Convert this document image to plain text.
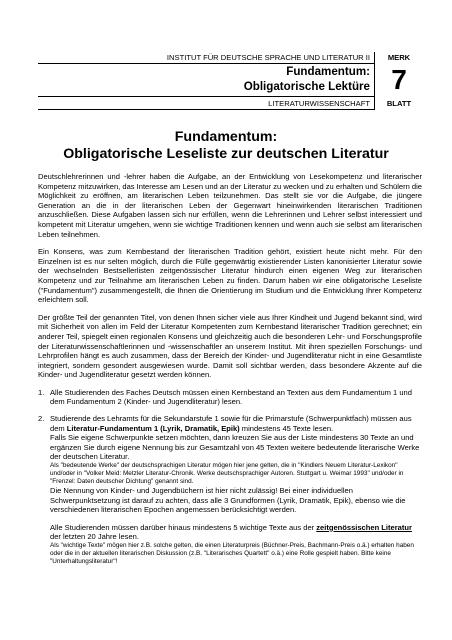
INSTITUT FÜR DEUTSCHE SPRACHE UND LITERATUR II
Fundamentum:
Obligatorische Lektüre
LITERATURWISSENSCHAFT
MERK
7
BLATT
Fundamentum:
Obligatorische Leseliste zur deutschen Literatur

Deutschlehrerinnen und -lehrer haben die Aufgabe, an der Entwicklung von Lesekompetenz und literarischer Kompetenz mitzuwirken, das Interesse am Lesen und an der Literatur zu wecken und zu erhalten und Schülern die Möglichkeit zu eröffnen, am literarischen Leben teilzunehmen. Das stellt sie vor die Aufgabe, die jüngere Generation an die in der literarischen Leben der Gegenwart hineinwirkenden literarischen Traditionen anzuschließen. Diese Aufgaben lassen sich nur erfüllen, wenn die Lehrerinnen und Lehrer selbst interessiert und kompetent mit Literatur umgehen, wenn sie wichtige Traditionen kennen und wenn auch sie selbst am literarischen Leben teilnehmen.

Ein Konsens, was zum Kernbestand der literarischen Tradition gehört, existiert heute nicht mehr. Für den Einzelnen ist es nur selten möglich, durch die Fülle gegenwärtig existierender Listen kanonisierter Literatur sowie der wechselnden Bestsellerlisten zeitgenössischer Literatur hindurch einen eigenen Weg zur literarischen Kompetenz und zur Teilnahme am literarischen Leben zu finden. Darum haben wir eine obligatorische Leseliste ("Fundamentum") zusammengestellt, die Ihnen die Orientierung im Studium und die Entwicklung Ihrer Kompetenz erleichtern soll.

Der größte Teil der genannten Titel, von denen Ihnen sicher viele aus Ihrer Kindheit und Jugend bekannt sind, wird mit Sicherheit von allen im Feld der Literatur Kompetenten zum Kernbestand literarischer Tradition gerechnet; ein anderer Teil, spiegelt einen regionalen Konsens und gleichzeitig auch die besonderen Lehr- und Forschungsprofile der Literaturwissenschaftlerinnen und -wissenschaftler an unserem Institut. Mit ihren speziellen Forschungs- und Lehrprofilen hängt es auch zusammen, dass der Bereich der Kinder- und Jugendliteratur nicht in eine Gesamtliste integriert, sondern gesondert ausgewiesen wurde. Damit soll sichtbar werden, dass besondere Akzente auf die Kinder- und Jugendliteratur gesetzt werden können.

1. Alle Studierenden des Faches Deutsch müssen einen Kernbestand an Texten aus dem Fundamentum 1 und dem Fundamentum 2 (Kinder- und Jugendliteratur) lesen.
2. Studierende des Lehramts für die Sekundarstufe 1 sowie für die Primarstufe (Schwerpunktfach) müssen aus dem Literatur-Fundamentum 1 (Lyrik, Dramatik, Epik) mindestens 45 Texte lesen.
Falls Sie eigene Schwerpunkte setzen möchten, dann kreuzen Sie aus der Liste mindestens 30 Texte an und ergänzen Sie durch eigene Nennung bis zur Gesamtzahl von 45 Texten weitere bedeutende literarische Werke der deutschen Literatur.
Als "bedeutende Werke" der deutschsprachigen Literatur mögen hier jene gelten, die in "Kindlers Neuem Literatur-Lexikon" und/oder in "Volker Meid: Metzler Literatur-Chronik. Werke deutschsprachiger Autoren. Stuttgart u. Weimar 1993" und/oder in "Frenzel: Daten deutscher Dichtung" genannt sind.
Die Nennung von Kinder- und Jugendbüchern ist hier nicht zulässig! Bei einer individuellen Schwerpunktsetzung ist darauf zu achten, dass alle 3 Grundformen (Lyrik, Dramatik, Epik), ebenso wie die verschiedenen literarischen Epochen angemessen berücksichtigt werden.
Alle Studierenden müssen darüber hinaus mindestens 5 wichtige Texte aus der zeitgenössischen Literatur der letzten 20 Jahre lesen.
Als "wichtige Texte" mögen hier z.B. solche gelten, die einen Literaturpreis (Büchner-Preis, Bachmann-Preis o.ä.) erhalten haben oder die in der aktuellen literarischen Diskussion (z.B. "Literarisches Quartett" o.ä.) eine Rolle gespielt haben. Bitte keine "Unterhaltungsliteratur"!
